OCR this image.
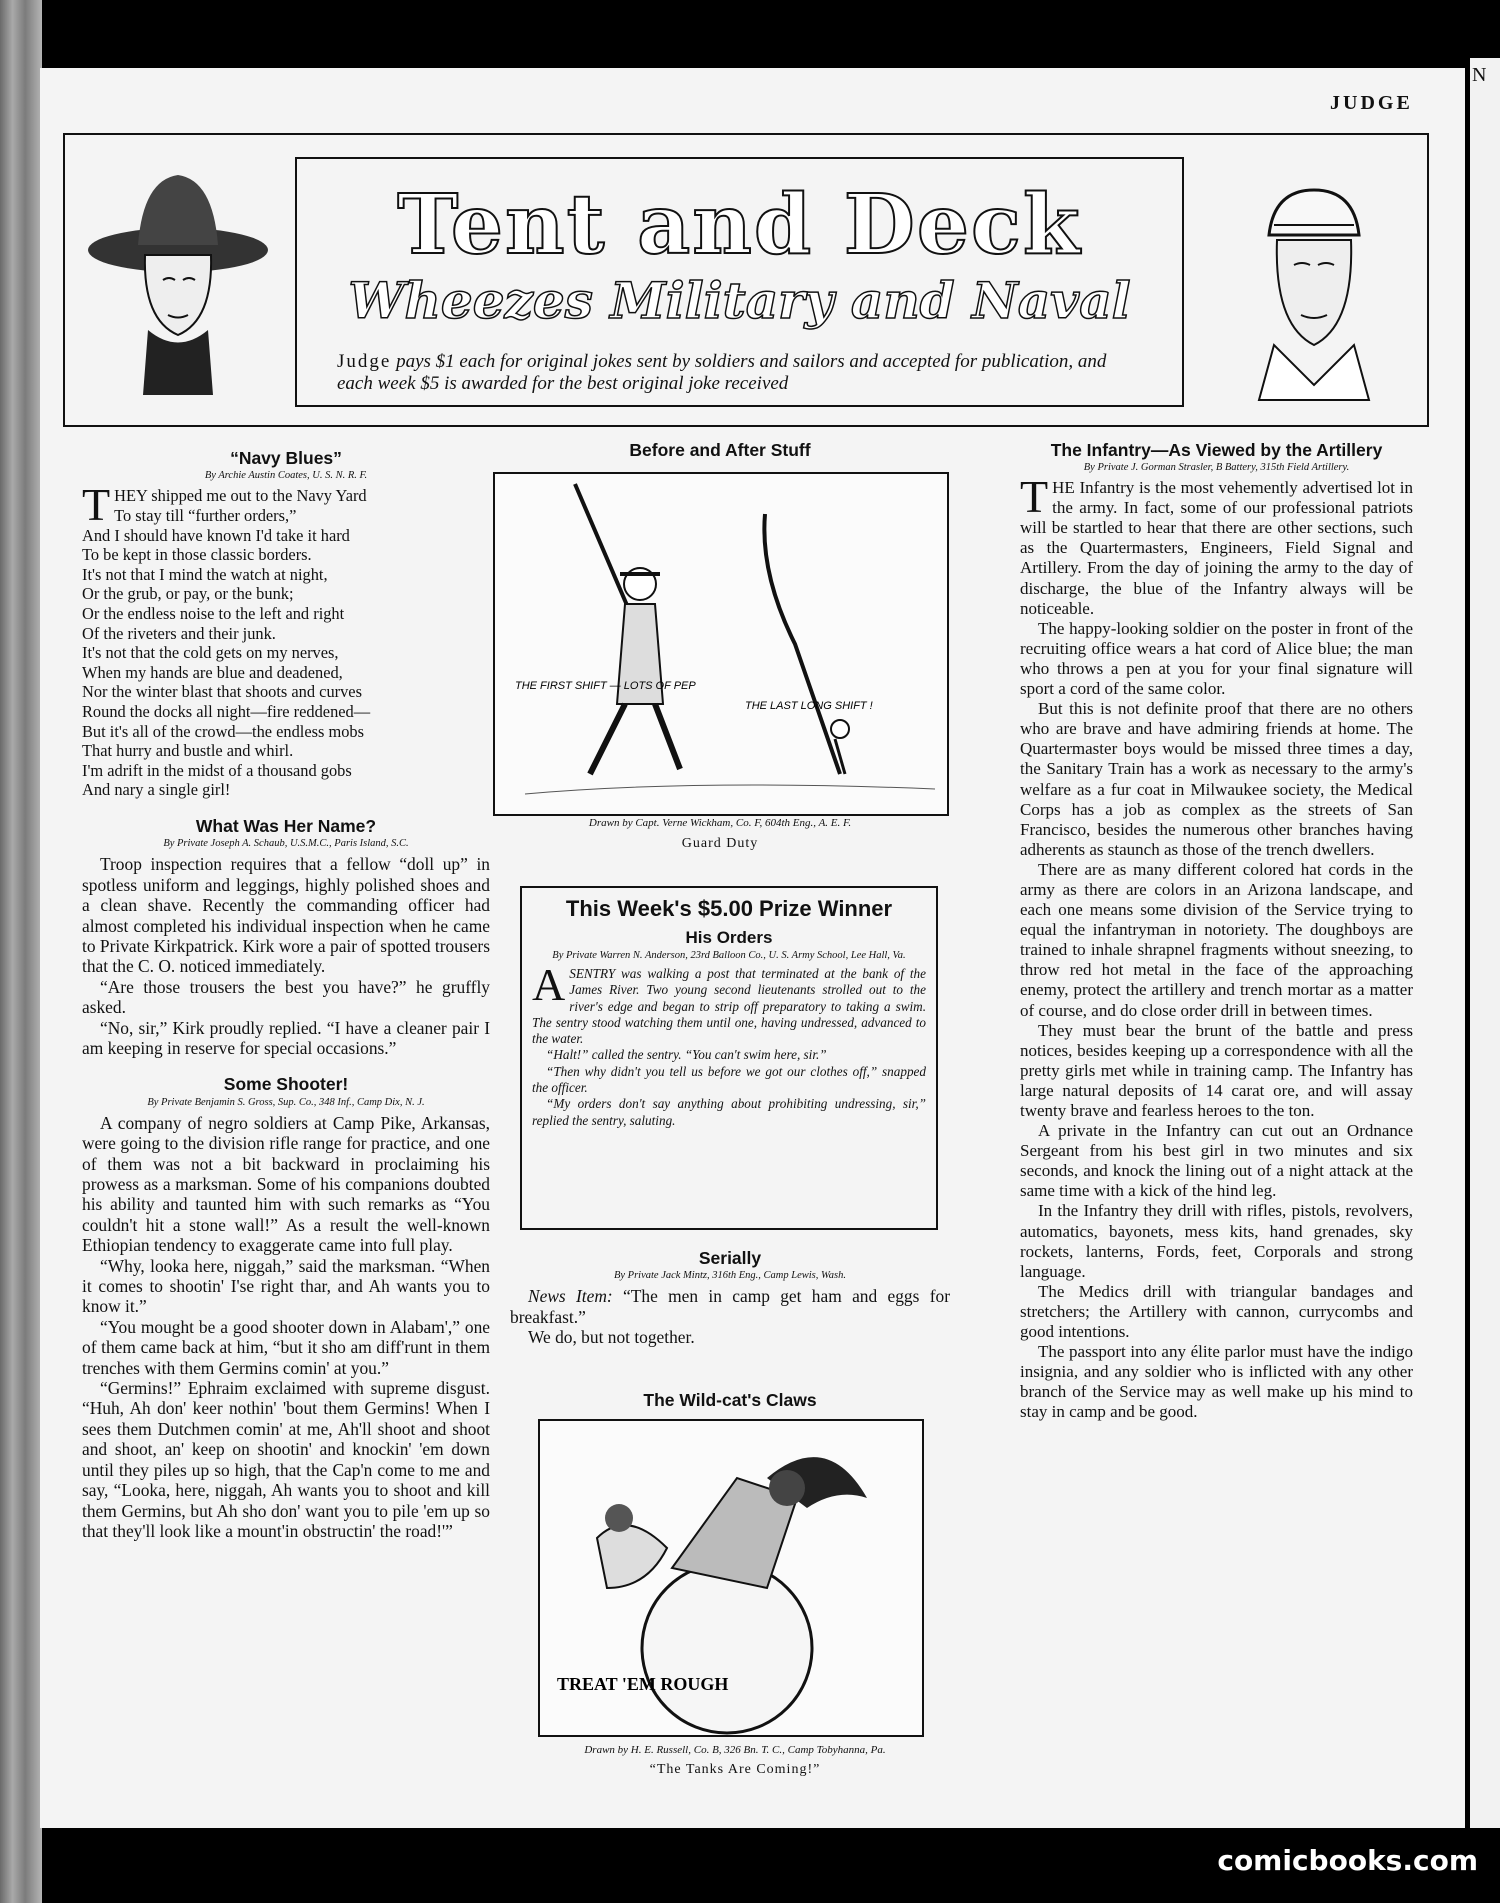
N
JUDGE
Tent and Deck
Wheezes Military and Naval
Judge pays $1 each for original jokes sent by soldiers and sailors and accepted for publication, and each week $5 is awarded for the best original joke received
“Navy Blues”
By Archie Austin Coates, U. S. N. R. F.
THEY shipped me out to the Navy Yard
To stay till “further orders,”
And I should have known I'd take it hard
To be kept in those classic borders.
It's not that I mind the watch at night,
Or the grub, or pay, or the bunk;
Or the endless noise to the left and right
Of the riveters and their junk.
It's not that the cold gets on my nerves,
When my hands are blue and deadened,
Nor the winter blast that shoots and curves
Round the docks all night—fire reddened—
But it's all of the crowd—the endless mobs
That hurry and bustle and whirl.
I'm adrift in the midst of a thousand gobs
And nary a single girl!
What Was Her Name?
By Private Joseph A. Schaub, U.S.M.C., Paris Island, S.C.

Troop inspection requires that a fellow “doll up” in spotless uniform and leggings, highly polished shoes and a clean shave. Recently the commanding officer had almost completed his individual inspection when he came to Private Kirkpatrick. Kirk wore a pair of spotted trousers that the C. O. noticed immediately.

“Are those trousers the best you have?” he gruffly asked.

“No, sir,” Kirk proudly replied. “I have a cleaner pair I am keeping in reserve for special occasions.”

Some Shooter!
By Private Benjamin S. Gross, Sup. Co., 348 Inf., Camp Dix, N. J.

A company of negro soldiers at Camp Pike, Arkansas, were going to the division rifle range for practice, and one of them was not a bit backward in proclaiming his prowess as a marksman. Some of his companions doubted his ability and taunted him with such remarks as “You couldn't hit a stone wall!” As a result the well-known Ethiopian tendency to exaggerate came into full play.

“Why, looka here, niggah,” said the marksman. “When it comes to shootin' I'se right thar, and Ah wants you to know it.”

“You mought be a good shooter down in Alabam',” one of them came back at him, “but it sho am diff'runt in them trenches with them Germins comin' at you.”

“Germins!” Ephraim exclaimed with supreme disgust. “Huh, Ah don' keer nothin' 'bout them Germins! When I sees them Dutchmen comin' at me, Ah'll shoot and shoot and shoot, an' keep on shootin' and knockin' 'em down until they piles up so high, that the Cap'n come to me and say, “Looka, here, niggah, Ah wants you to shoot and kill them Germins, but Ah sho don' want you to pile 'em up so that they'll look like a mount'in obstructin' the road!'”

Before and After Stuff
THE FIRST SHIFT — LOTS OF PEP
THE LAST LONG SHIFT !
Drawn by Capt. Verne Wickham, Co. F, 604th Eng., A. E. F.
Guard Duty
This Week's $5.00 Prize Winner
His Orders
By Private Warren N. Anderson, 23rd Balloon Co., U. S. Army School, Lee Hall, Va.

ASENTRY was walking a post that terminated at the bank of the James River. Two young second lieutenants strolled out to the river's edge and began to strip off preparatory to taking a swim. The sentry stood watching them until one, having undressed, advanced to the water.

“Halt!” called the sentry. “You can't swim here, sir.”

“Then why didn't you tell us before we got our clothes off,” snapped the officer.

“My orders don't say anything about prohibiting undressing, sir,” replied the sentry, saluting.

Serially
By Private Jack Mintz, 316th Eng., Camp Lewis, Wash.

News Item: “The men in camp get ham and eggs for breakfast.”

We do, but not together.

The Wild-cat's Claws
TREAT 'EM ROUGH
Drawn by H. E. Russell, Co. B, 326 Bn. T. C., Camp Tobyhanna, Pa.
“The Tanks Are Coming!”
The Infantry—As Viewed by the Artillery
By Private J. Gorman Strasler, B Battery, 315th Field Artillery.

THE Infantry is the most vehemently advertised lot in the army. In fact, some of our professional patriots will be startled to hear that there are other sections, such as the Quartermasters, Engineers, Field Signal and Artillery. From the day of joining the army to the day of discharge, the blue of the Infantry always will be noticeable.

The happy-looking soldier on the poster in front of the recruiting office wears a hat cord of Alice blue; the man who throws a pen at you for your final signature will sport a cord of the same color.

But this is not definite proof that there are no others who are brave and have admiring friends at home. The Quartermaster boys would be missed three times a day, the Sanitary Train has a work as necessary to the army's welfare as a fur coat in Milwaukee society, the Medical Corps has a job as complex as the streets of San Francisco, besides the numerous other branches having adherents as staunch as those of the trench dwellers.

There are as many different colored hat cords in the army as there are colors in an Arizona landscape, and each one means some division of the Service trying to equal the infantryman in notoriety. The doughboys are trained to inhale shrapnel fragments without sneezing, to throw red hot metal in the face of the approaching enemy, protect the artillery and trench mortar as a matter of course, and do close order drill in between times.

They must bear the brunt of the battle and press notices, besides keeping up a correspondence with all the pretty girls met while in training camp. The Infantry has large natural deposits of 14 carat ore, and will assay twenty brave and fearless heroes to the ton.

A private in the Infantry can cut out an Ordnance Sergeant from his best girl in two minutes and six seconds, and knock the lining out of a night attack at the same time with a kick of the hind leg.

In the Infantry they drill with rifles, pistols, revolvers, automatics, bayonets, mess kits, hand grenades, sky rockets, lanterns, Fords, feet, Corporals and strong language.

The Medics drill with triangular bandages and stretchers; the Artillery with cannon, currycombs and good intentions.

The passport into any élite parlor must have the indigo insignia, and any soldier who is inflicted with any other branch of the Service may as well make up his mind to stay in camp and be good.

comicbooks.com
